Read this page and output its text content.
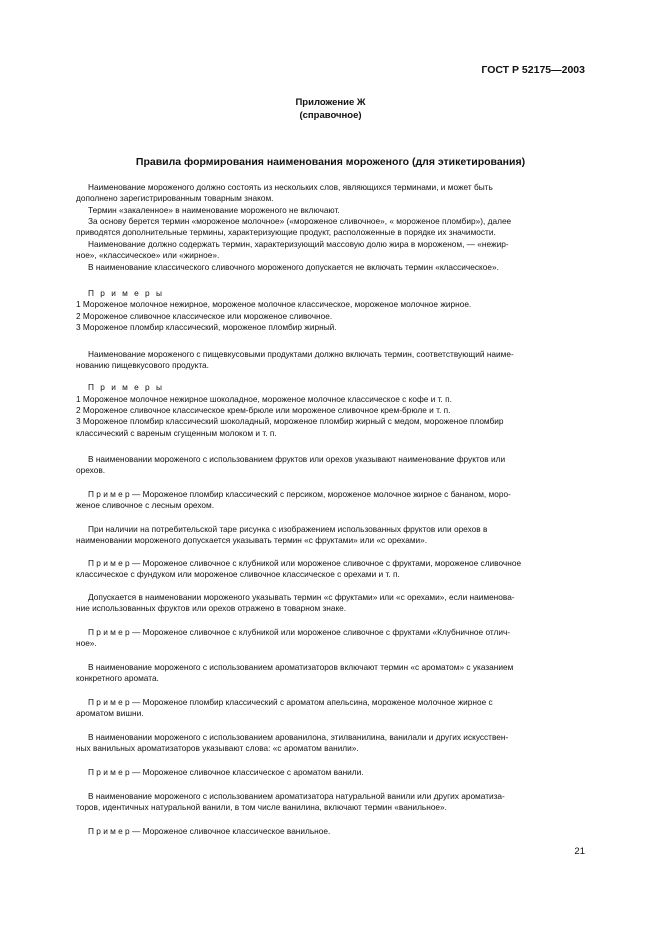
ГОСТ Р 52175—2003
Приложение Ж
(справочное)
Правила формирования наименования мороженого (для этикетирования)
Наименование мороженого должно состоять из нескольких слов, являющихся терминами, и может быть
дополнено зарегистрированным товарным знаком.
Термин «закаленное» в наименование мороженого не включают.
За основу берется термин «мороженое молочное» («мороженое сливочное», « мороженое пломбир»), далее
приводятся дополнительные термины, характеризующие продукт, расположенные в порядке их значимости.
Наименование должно содержать термин, характеризующий массовую долю жира в мороженом, — «нежир-
ное», «классическое» или «жирное».
В наименование классического сливочного мороженого допускается не включать термин «классическое».
П р и м е р ы
1 Мороженое молочное нежирное, мороженое молочное классическое, мороженое молочное жирное.
2 Мороженое сливочное классическое или мороженое сливочное.
3 Мороженое пломбир классический, мороженое пломбир жирный.
Наименование мороженого с пищевкусовыми продуктами должно включать термин, соответствующий наиме-
нованию пищевкусового продукта.
П р и м е р ы
1 Мороженое молочное нежирное шоколадное, мороженое молочное классическое с кофе и т. п.
2 Мороженое сливочное классическое крем-брюле или мороженое сливочное крем-брюле и т. п.
3 Мороженое пломбир классический шоколадный, мороженое пломбир жирный с медом, мороженое пломбир
классический с вареным сгущенным молоком и т. п.
В наименовании мороженого с использованием фруктов или орехов указывают наименование фруктов или
орехов.
П р и м е р — Мороженое пломбир классический с персиком, мороженое молочное жирное с бананом, моро-
женое сливочное с лесным орехом.
При наличии на потребительской таре рисунка с изображением использованных фруктов или орехов в
наименовании мороженого допускается указывать термин «с фруктами» или «с орехами».
П р и м е р — Мороженое сливочное с клубникой или мороженое сливочное с фруктами, мороженое сливочное
классическое с фундуком или мороженое сливочное классическое с орехами и т. п.
Допускается в наименовании мороженого указывать термин «с фруктами» или «с орехами», если наименова-
ние использованных фруктов или орехов отражено в товарном знаке.
П р и м е р — Мороженое сливочное с клубникой или мороженое сливочное с фруктами «Клубничное отлич-
ное».
В наименование мороженого с использованием ароматизаторов включают термин «с ароматом» с указанием
конкретного аромата.
П р и м е р — Мороженое пломбир классический с ароматом апельсина, мороженое молочное жирное с
ароматом вишни.
В наименовании мороженого с использованием арованилона, этилванилина, ванилали и других искусствен-
ных ванильных ароматизаторов указывают слова: «с ароматом ванили».
П р и м е р — Мороженое сливочное классическое с ароматом ванили.
В наименование мороженого с использованием ароматизатора натуральной ванили или других ароматиза-
торов, идентичных натуральной ванили, в том числе ванилина, включают термин «ванильное».
П р и м е р — Мороженое сливочное классическое ванильное.
21
